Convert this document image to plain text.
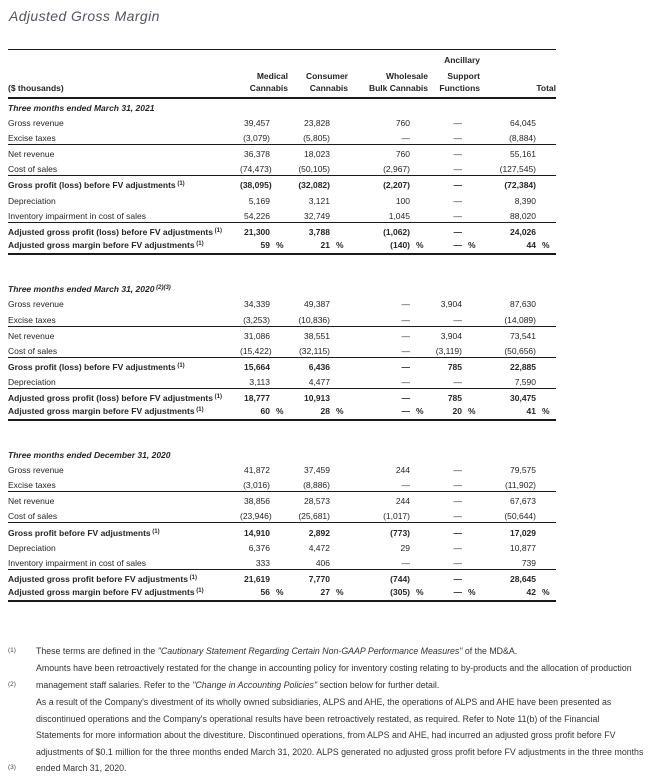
Adjusted Gross Margin
							Ancillary			
	Medical		Consumer		Wholesale		Support			
($ thousands)	Cannabis		Cannabis		Bulk Cannabis		Functions		Total	
Three months ended March 31, 2021										
Gross revenue	39,457		23,828		760		—		64,045	
Excise taxes	(3,079)		(5,805)		—		—		(8,884)	
Net revenue	36,378		18,023		760		—		55,161	
Cost of sales	(74,473)		(50,105)		(2,967)		—		(127,545)	
Gross profit (loss) before FV adjustments $^{(1)}$	(38,095)		(32,082)		(2,207)		—		(72,384)	
Depreciation	5,169		3,121		100		—		8,390	
Inventory impairment in cost of sales	54,226		32,749		1,045		—		88,020	
Adjusted gross profit (loss) before FV adjustments $^{(1)}$	21,300		3,788		(1,062)		—		24,026	
Adjusted gross margin before FV adjustments $^{(1)}$	59	%	21	%	(140)	%	—	%	44	%

Three months ended March 31, 2020 $^{(2)(3)}$
Gross revenue	34,339		49,387		—		3,904		87,630	
Excise taxes	(3,253)		(10,836)		—		—		(14,089)	
Net revenue	31,086		38,551		—		3,904		73,541	
Cost of sales	(15,422)		(32,115)		—		(3,119)		(50,656)	
Gross profit (loss) before FV adjustments $^{(1)}$	15,664		6,436		—		785		22,885	
Depreciation	3,113		4,477		—		—		7,590	
Adjusted gross profit (loss) before FV adjustments $^{(1)}$	18,777		10,913		—		785		30,475	
Adjusted gross margin before FV adjustments $^{(1)}$	60	%	28	%	—	%	20	%	41	%

Three months ended December 31, 2020										
Gross revenue	41,872		37,459		244		—		79,575	
Excise taxes	(3,016)		(8,886)		—		—		(11,902)	
Net revenue	38,856		28,573		244		—		67,673	
Cost of sales	(23,946)		(25,681)		(1,017)		—		(50,644)	
Gross profit before FV adjustments $^{(1)}$	14,910		2,892		(773)		—		17,029	
Depreciation	6,376		4,472		29		—		10,877	
Inventory impairment in cost of sales	333		406		—		—		739	
Adjusted gross profit before FV adjustments $^{(1)}$	21,619		7,770		(744)		—		28,645	
Adjusted gross margin before FV adjustments $^{(1)}$	56	%	27	%	(305)	%	—	%	42	%
(1)	These terms are defined in the "Cautionary Statement Regarding Certain Non-GAAP Performance Measures" of the MD&A.
(2)	Amounts have been retroactively restated for the change in accounting policy for inventory costing relating to by-products and the allocation of production management staff salaries. Refer to the "Change in Accounting Policies" section below for further detail.
(3)	As a result of the Company's divestment of its wholly owned subsidiaries, ALPS and AHE, the operations of ALPS and AHE have been presented as discontinued operations and the Company's operational results have been retroactively restated, as required. Refer to Note 11(b) of the Financial Statements for more information about the divestiture. Discontinued operations, from ALPS and AHE, had incurred an adjusted gross profit before FV adjustments of $0.1 million for the three months ended March 31, 2020. ALPS generated no adjusted gross profit before FV adjustments in the three months ended March 31, 2020.
